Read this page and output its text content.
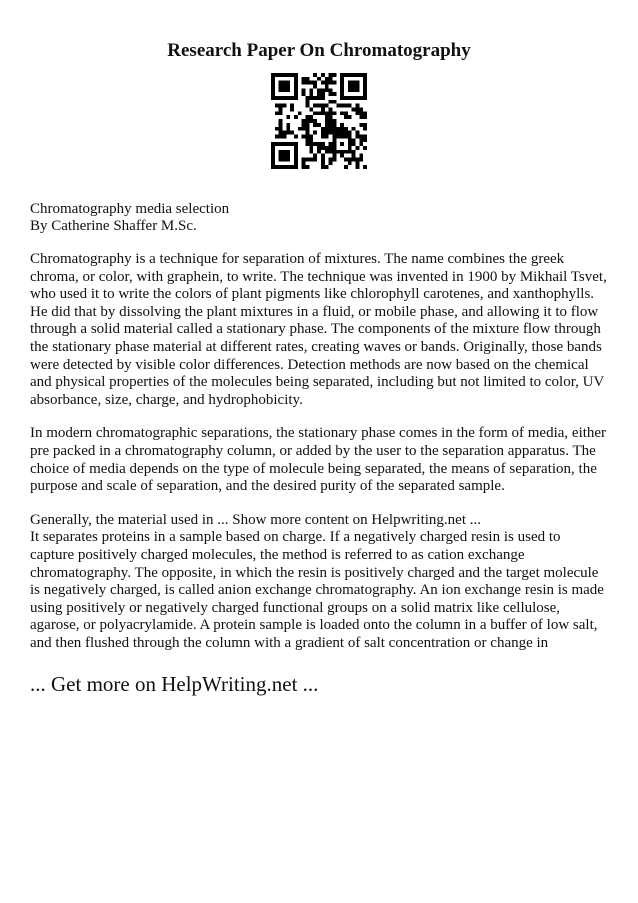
Research Paper On Chromatography
Chromatography media selection
By Catherine Shaffer M.Sc.

Chromatography is a technique for separation of mixtures. The name combines the greek chroma, or color, with graphein, to write. The technique was invented in 1900 by Mikhail Tsvet, who used it to write the colors of plant pigments like chlorophyll carotenes, and xanthophylls. He did that by dissolving the plant mixtures in a fluid, or mobile phase, and allowing it to flow through a solid material called a stationary phase. The components of the mixture flow through the stationary phase material at different rates, creating waves or bands. Originally, those bands were detected by visible color differences. Detection methods are now based on the chemical and physical properties of the molecules being separated, including but not limited to color, UV absorbance, size, charge, and hydrophobicity.

In modern chromatographic separations, the stationary phase comes in the form of media, either pre packed in a chromatography column, or added by the user to the separation apparatus. The choice of media depends on the type of molecule being separated, the means of separation, the purpose and scale of separation, and the desired purity of the separated sample.

Generally, the material used in ... Show more content on Helpwriting.net ...

It separates proteins in a sample based on charge. If a negatively charged resin is used to capture positively charged molecules, the method is referred to as cation exchange chromatography. The opposite, in which the resin is positively charged and the target molecule is negatively charged, is called anion exchange chromatography. An ion exchange resin is made using positively or negatively charged functional groups on a solid matrix like cellulose, agarose, or polyacrylamide. A protein sample is loaded onto the column in a buffer of low salt, and then flushed through the column with a gradient of salt concentration or change in

... Get more on HelpWriting.net ...
